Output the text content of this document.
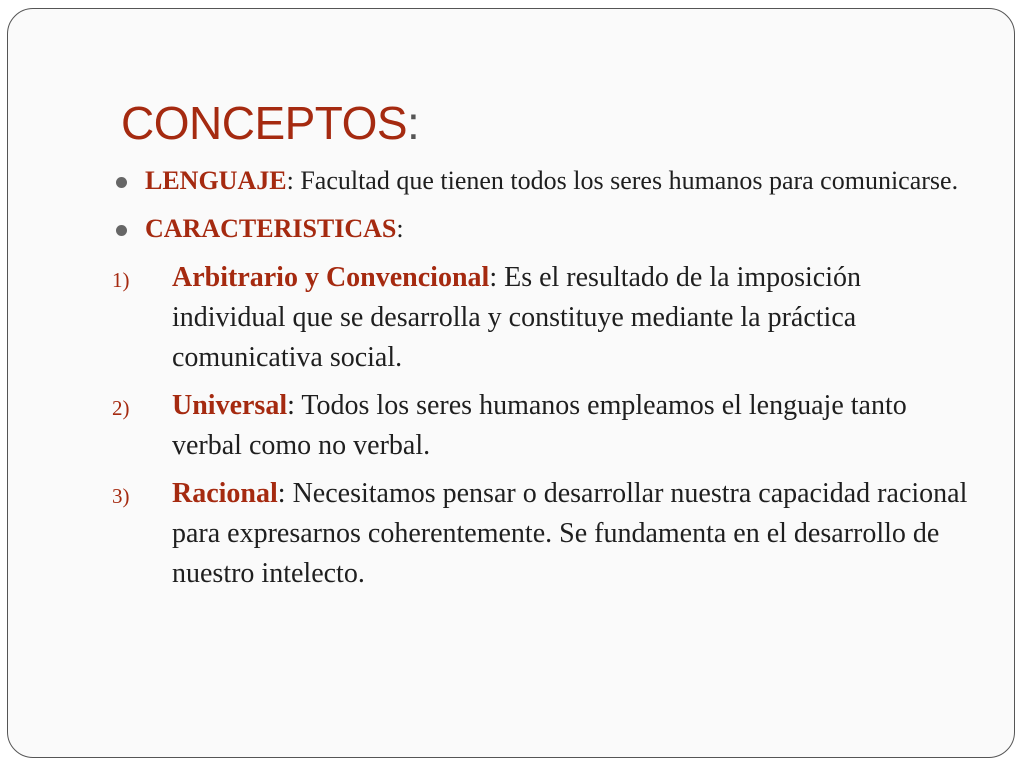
CONCEPTOS:
LENGUAJE: Facultad que tienen todos los seres humanos para comunicarse.
CARACTERISTICAS:
1) Arbitrario y Convencional: Es el resultado de la imposición individual que se desarrolla y constituye mediante la práctica comunicativa social.
2) Universal: Todos los seres humanos empleamos el lenguaje tanto verbal como no verbal.
3) Racional: Necesitamos pensar o desarrollar nuestra capacidad racional para expresarnos coherentemente. Se fundamenta en el desarrollo de nuestro intelecto.
